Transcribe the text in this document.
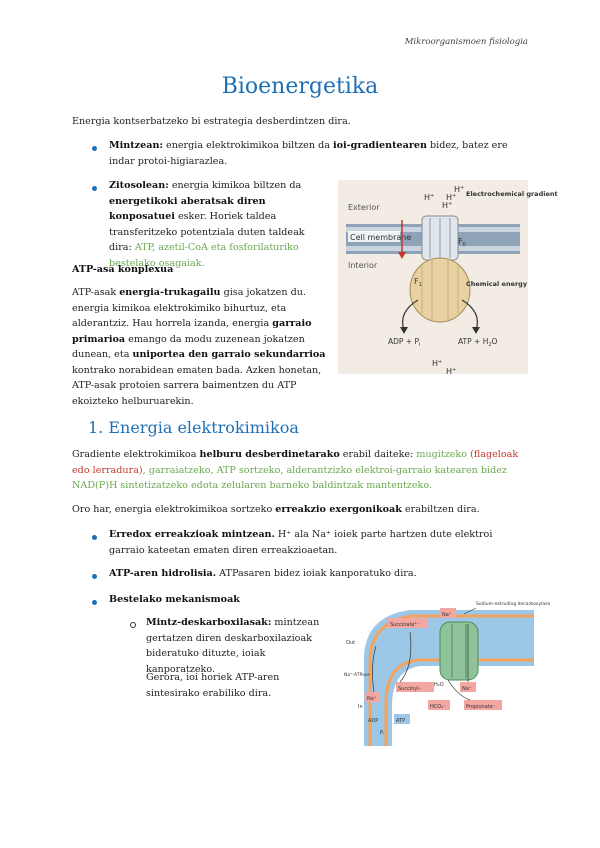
Mikroorganismoen fisiologia
Bioenergetika
Energia kontserbatzeko bi estrategia desberdintzen dira.
Mintzean: energia elektrokimikoa biltzen da ioi-gradientearen bidez, batez ere indar protoi-higiarazlea.
Zitosolean: energia kimikoa biltzen da energetikoki aberatsak diren konposatuei esker. Horiek taldea transferitzeko potentziala duten taldeak dira: ATP, azetil-CoA eta fosforilaturiko bestelako osagaiak.
ATP-asa konplexua
ATP-asak energia-trukagailu gisa jokatzen du. energia kimikoa elektrokimiko bihurtuz, eta alderantziz. Hau horrela izanda, energia garraio primarioa emango da modu zuzenean jokatzen dunean, eta uniportea den garraio sekundarrioa kontrako norabidean ematen bada. Azken honetan, ATP-asak protoien sarrera baimentzen du ATP ekoizteko helburuarekin.
Cell membrane
Exterior
Interior
$F_0$
$F_1$
H+ H+
H+
H+
Electrochemical gradient
Chemical energy
ADP + $P_i$	ATP + $H_2O$
H+
H+
1. Energia elektrokimikoa
Gradiente elektrokimikoa helburu desberdinetarako erabil daiteke: mugitzeko (flageloak edo lerradura), garraiatzeko, ATP sortzeko, alderantzizko elektroi-garraio katearen bidez NAD(P)H sintetizatzeko edota zelularen barneko baldintzak mantentzeko.
Oro har, energia elektrokimikoa sortzeko erreakzio exergonikoak erabiltzen dira.
Erredox erreakzioak mintzean. H⁺ ala Na⁺ ioiek parte hartzen dute elektroi garraio kateetan ematen diren erreakzioaetan.
ATP-aren hidrolisia. ATPasaren bidez ioiak kanporatuko dira.
Bestelako mekanismoak
Mintz-deskarboxilasak: mintzean gertatzen diren deskarboxilazioak bideratuko dituzte, ioiak kanporatzeko.
Gerora, ioi horiek ATP-aren sintesirako erabiliko dira.
Sodium-extruding decarboxylase
Out
Na⁺-ATPase
In
Succinate²⁻
Na⁺
Succinyl-
H₂O
Na⁺
Na⁺
HCO₃⁻	Propionate⁻
ADP	ATP
Pᵢ
